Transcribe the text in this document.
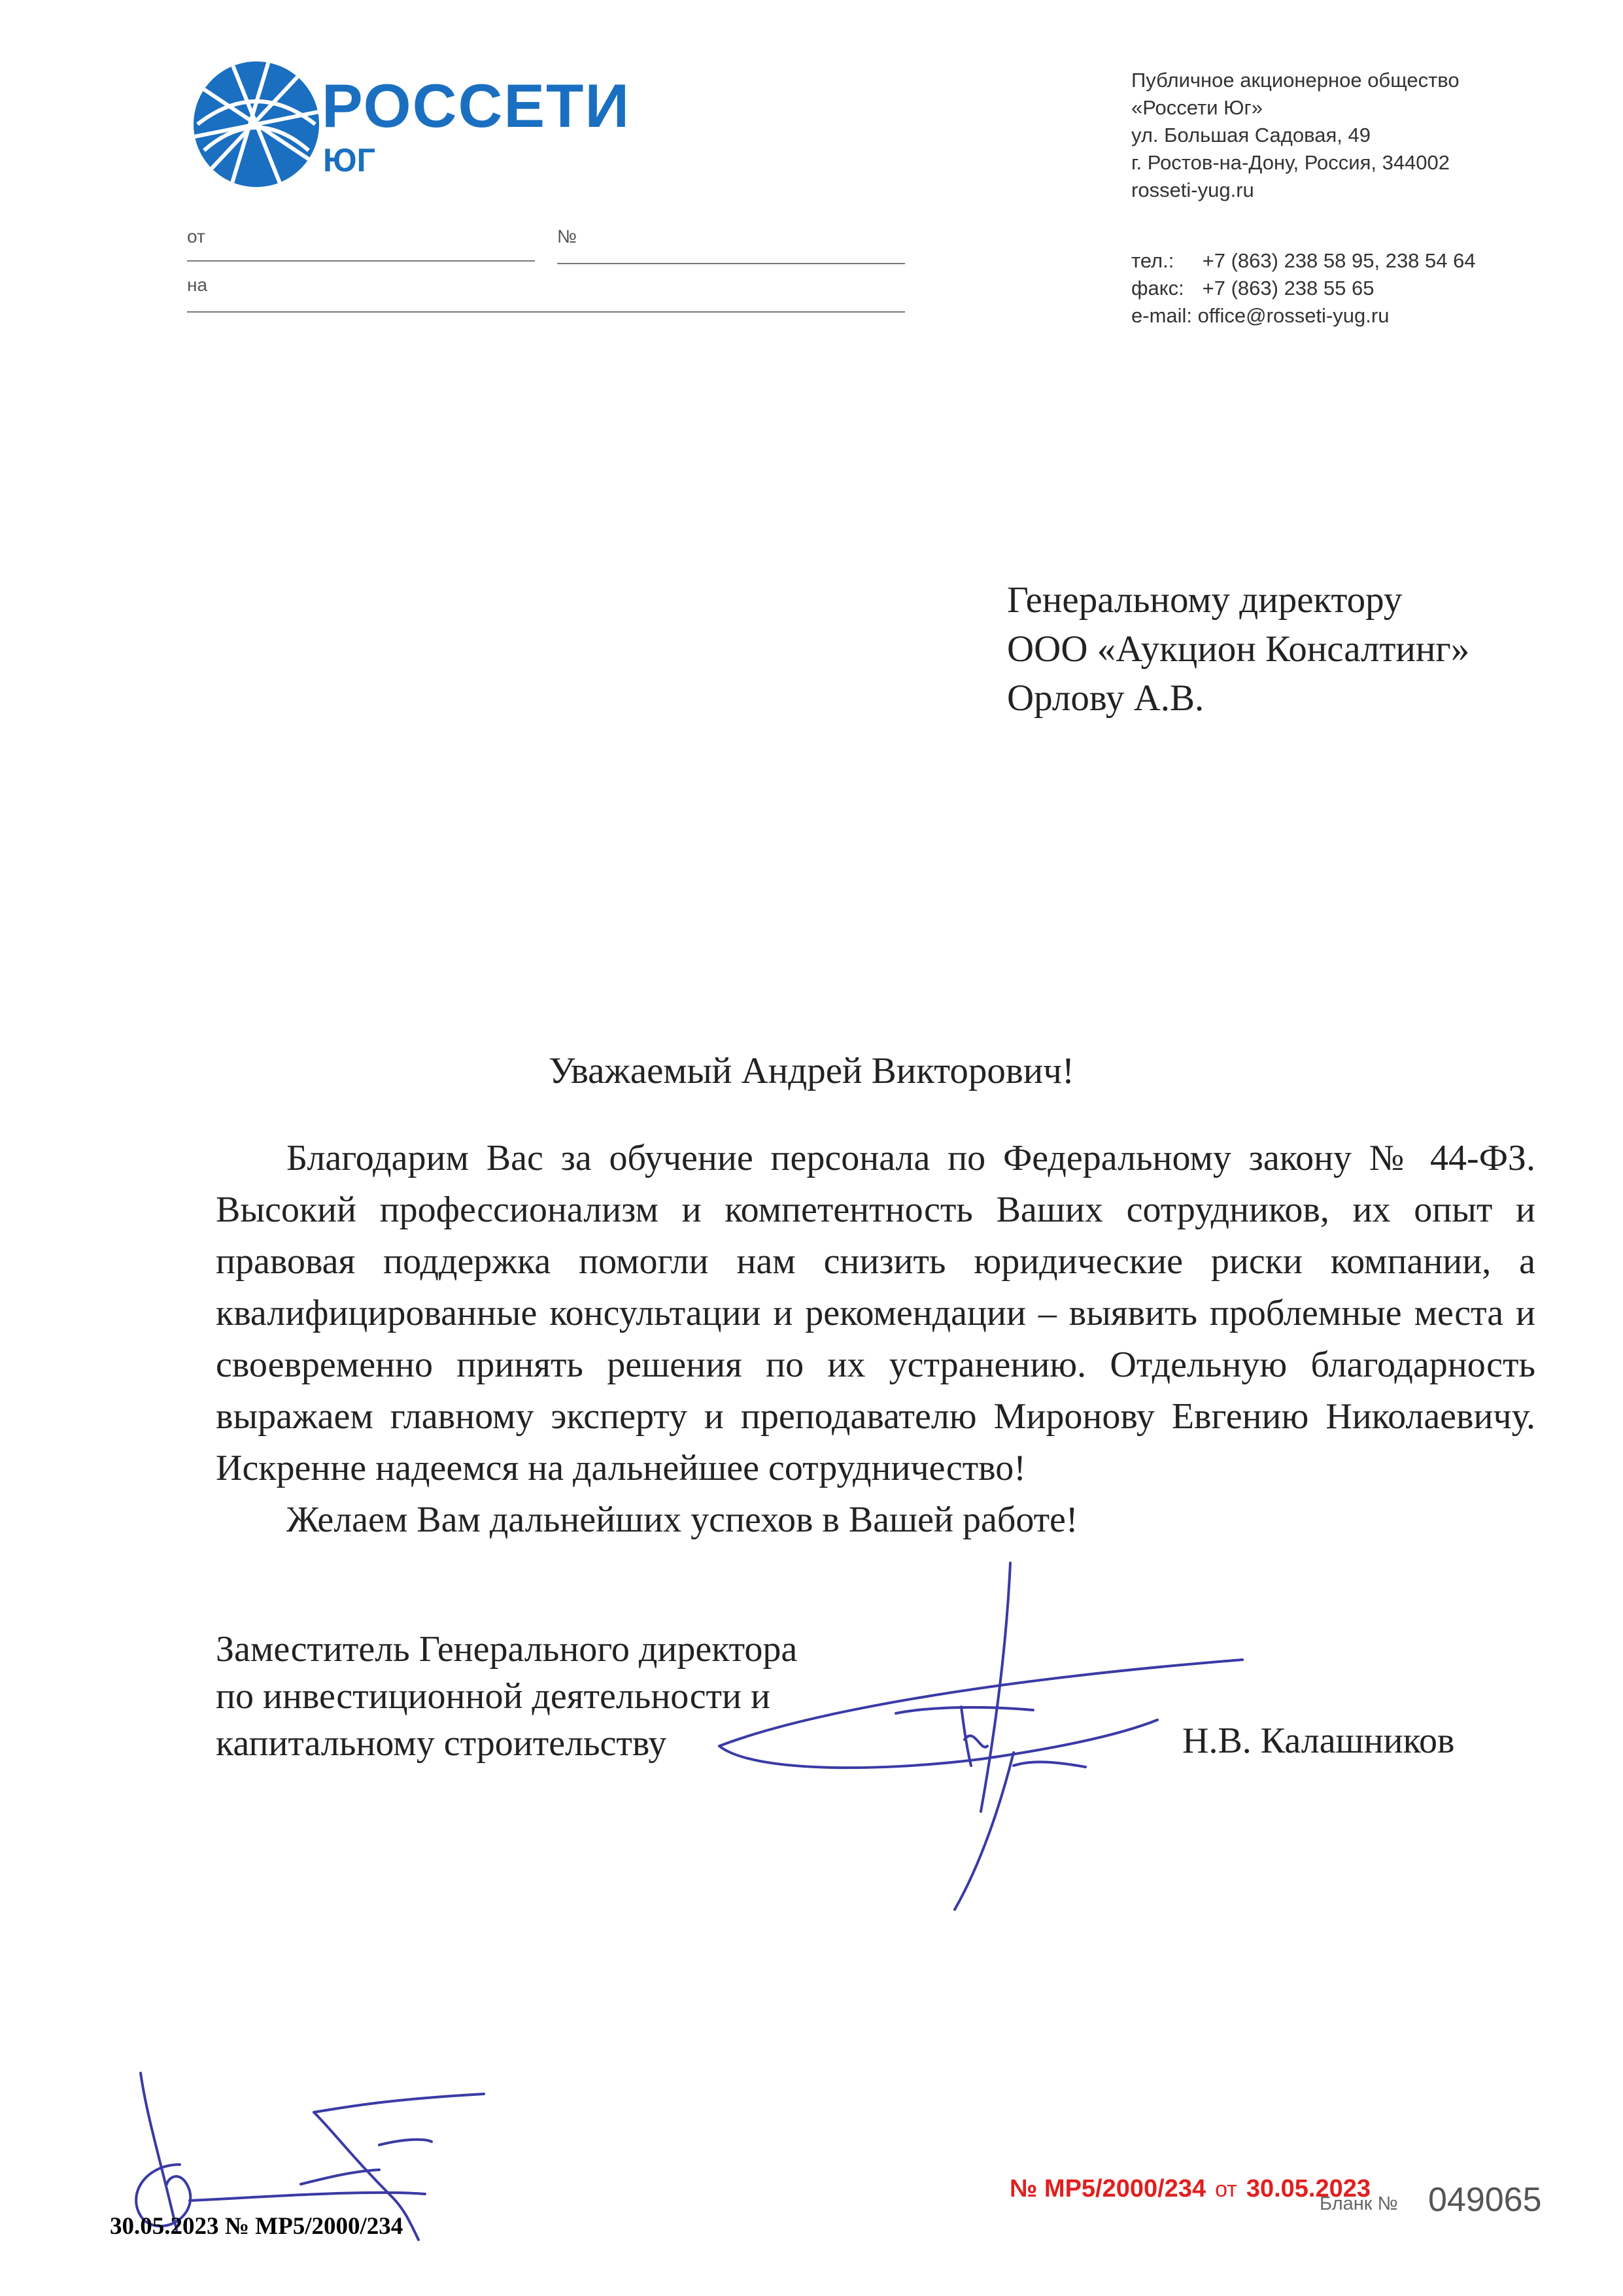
РОССЕТИ
ЮГ
Публичное акционерное общество
«Россети Юг»
ул. Большая Садовая, 49
г. Ростов-на-Дону, Россия, 344002
rosseti-yug.ru
тел.: +7 (863) 238 58 95, 238 54 64
факс: +7 (863) 238 55 65
e-mail: office@rosseti-yug.ru
от	№
на
Генеральному директору
ООО «Аукцион Консалтинг»
Орлову А.В.
Уважаемый Андрей Викторович!

Благодарим Вас за обучение персонала по Федеральному закону № 44-ФЗ. Высокий профессионализм и компетентность Ваших сотрудников, их опыт и правовая поддержка помогли нам снизить юридические риски компании, а квалифицированные консультации и рекомендации – выявить проблемные места и своевременно принять решения по их устранению. Отдельную благодарность выражаем главному эксперту и преподавателю Миронову Евгению Николаевичу. Искренне надеемся на дальнейшее сотрудничество!

Желаем Вам дальнейших успехов в Вашей работе!

Заместитель Генерального директора
по инвестиционной деятельности и
капитальному строительству	Н.В. Калашников
30.05.2023 № МР5/2000/234
№ МР5/2000/234 от 30.05.2023
Бланк № 049065
